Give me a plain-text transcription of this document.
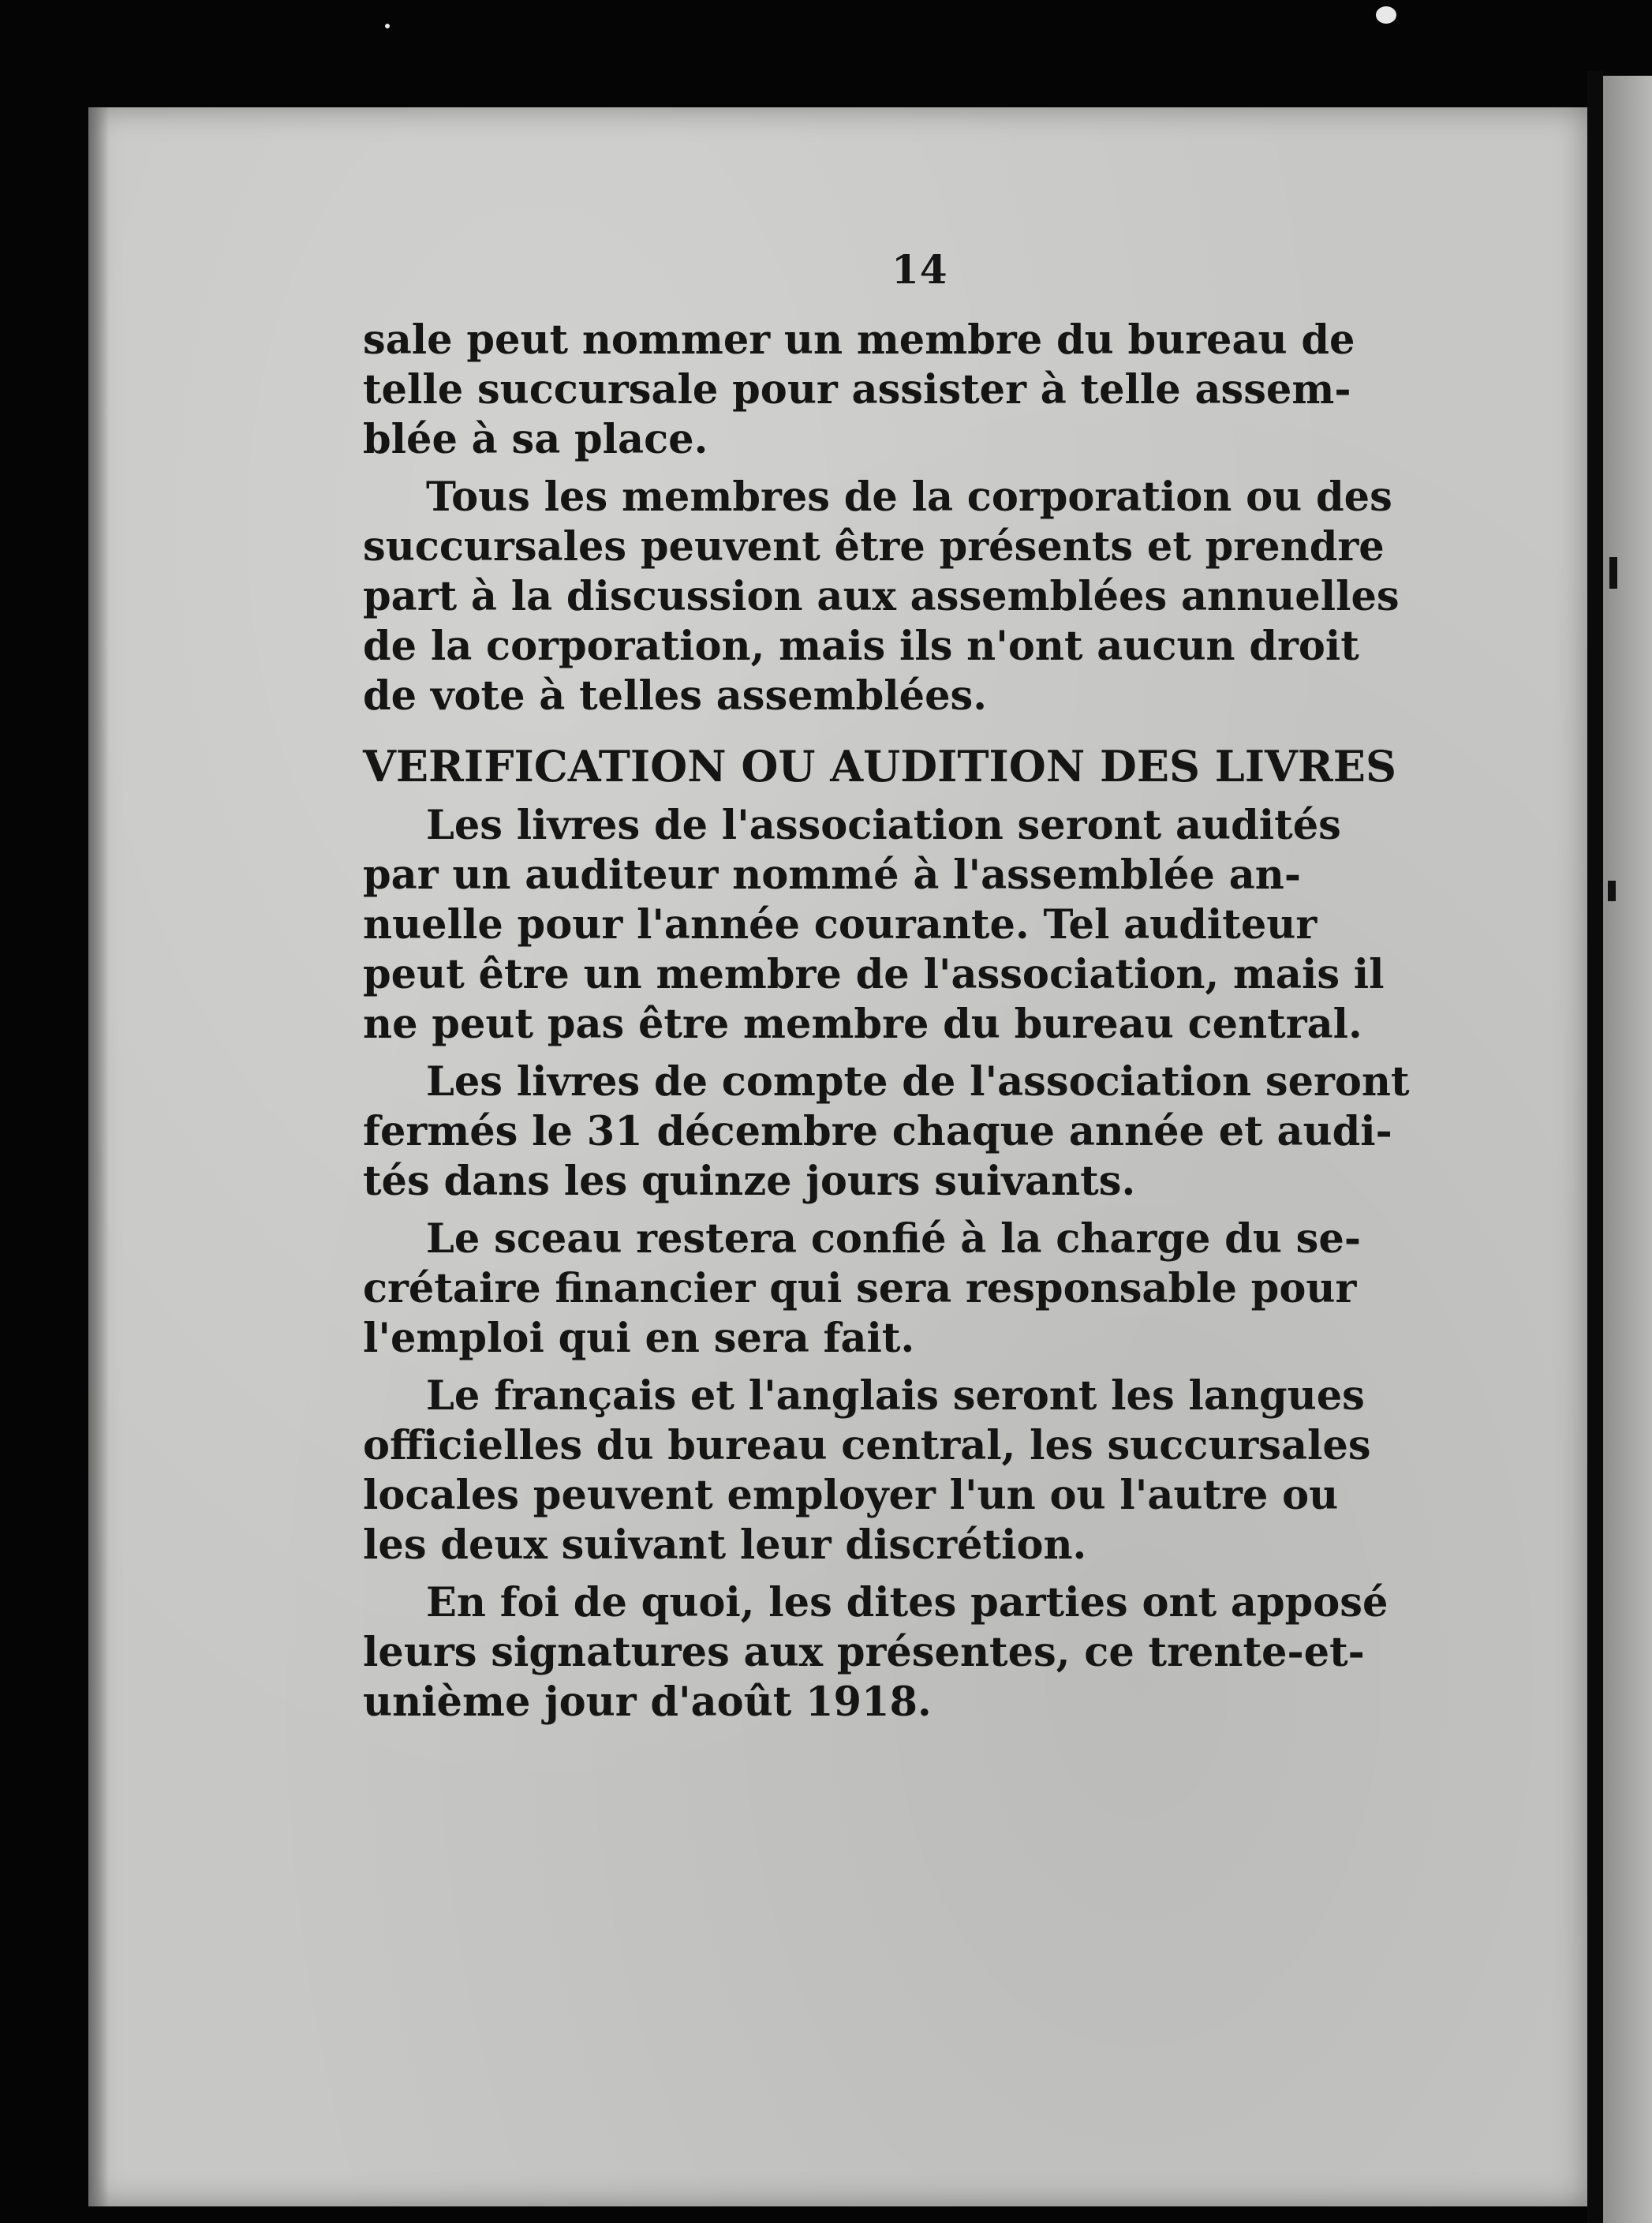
14

sale peut nommer un membre du bureau de
telle succursale pour assister à telle assem-
blée à sa place.

Tous les membres de la corporation ou des
succursales peuvent être présents et prendre
part à la discussion aux assemblées annuelles
de la corporation, mais ils n'ont aucun droit
de vote à telles assemblées.

VERIFICATION OU AUDITION DES LIVRES

Les livres de l'association seront audités
par un auditeur nommé à l'assemblée an-
nuelle pour l'année courante. Tel auditeur
peut être un membre de l'association, mais il
ne peut pas être membre du bureau central.

Les livres de compte de l'association seront
fermés le 31 décembre chaque année et audi-
tés dans les quinze jours suivants.

Le sceau restera confié à la charge du se-
crétaire financier qui sera responsable pour
l'emploi qui en sera fait.

Le français et l'anglais seront les langues
officielles du bureau central, les succursales
locales peuvent employer l'un ou l'autre ou
les deux suivant leur discrétion.

En foi de quoi, les dites parties ont apposé
leurs signatures aux présentes, ce trente-et-
unième jour d'août 1918.
